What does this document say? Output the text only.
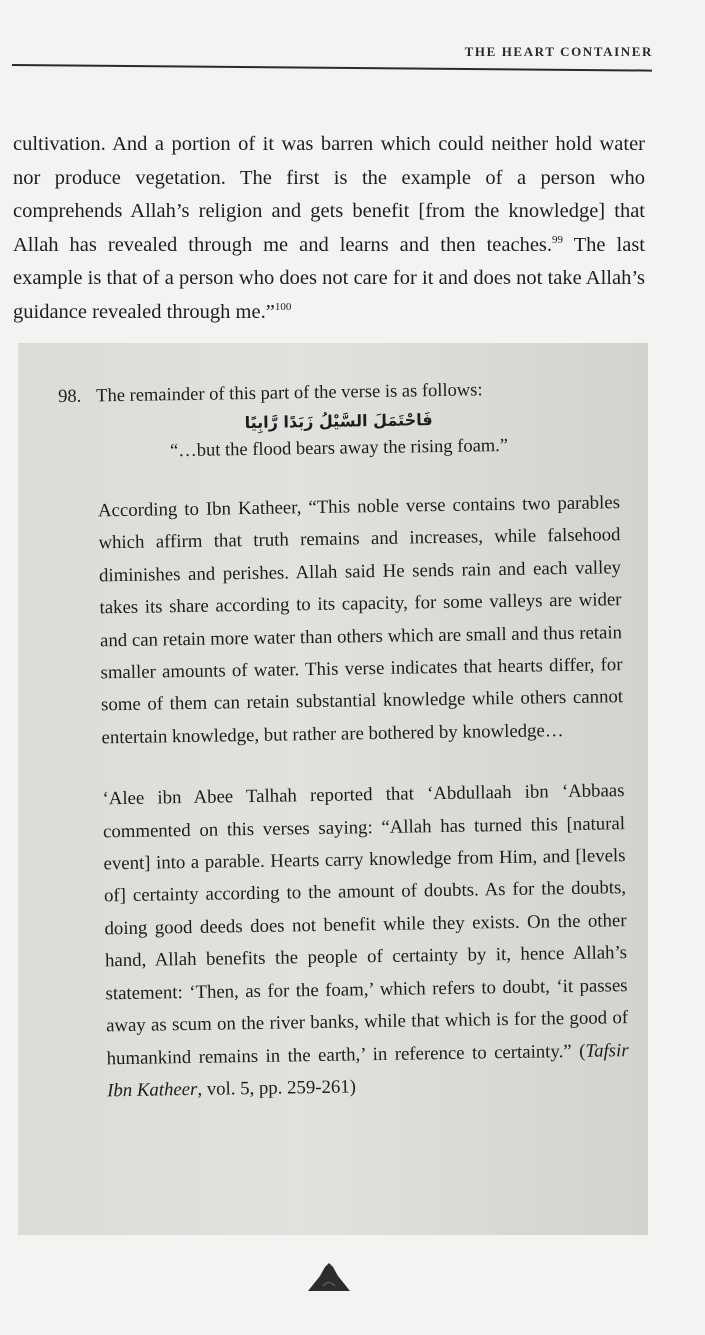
THE HEART CONTAINER

cultivation. And a portion of it was barren which could neither hold water nor produce vegetation. The first is the example of a person who comprehends Allah’s religion and gets benefit [from the knowledge] that Allah has revealed through me and learns and then teaches.$^{99}$ The last example is that of a person who does not care for it and does not take Allah’s guidance revealed through me.”$^{100}$

98. The remainder of this part of the verse is as follows:

فَاحْتَمَلَ السَّيْلُ زَبَدًا رَّابِيًا

“…but the flood bears away the rising foam.”

According to Ibn Katheer, “This noble verse contains two parables which affirm that truth remains and increases, while falsehood diminishes and perishes. Allah said He sends rain and each valley takes its share according to its capacity, for some valleys are wider and can retain more water than others which are small and thus retain smaller amounts of water. This verse indicates that hearts differ, for some of them can retain substantial knowledge while others cannot entertain knowledge, but rather are bothered by knowledge…

‘Alee ibn Abee Talhah reported that ‘Abdullaah ibn ‘Abbaas commented on this verses saying: “Allah has turned this [natural event] into a parable. Hearts carry knowledge from Him, and [levels of] certainty according to the amount of doubts. As for the doubts, doing good deeds does not benefit while they exists. On the other hand, Allah benefits the people of certainty by it, hence Allah’s statement: ‘Then, as for the foam,’ which refers to doubt, ‘it passes away as scum on the river banks, while that which is for the good of humankind remains in the earth,’ in reference to certainty.” (Tafsir Ibn Katheer, vol. 5, pp. 259-261)
